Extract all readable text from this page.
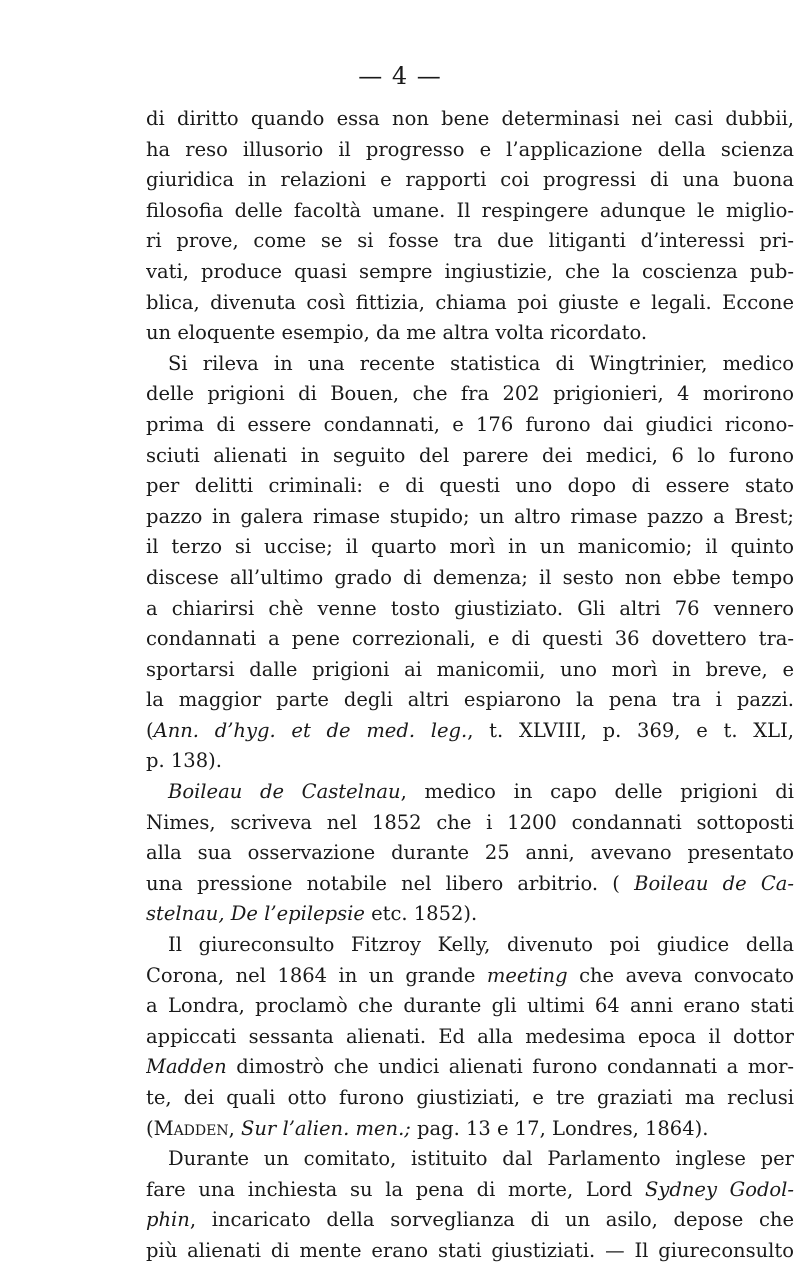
— 4 —
di diritto quando essa non bene determinasi nei casi dubbii,
ha reso illusorio il progresso e l’applicazione della scienza
giuridica in relazioni e rapporti coi progressi di una buona
filosofia delle facoltà umane. Il respingere adunque le miglio-
ri prove, come se si fosse tra due litiganti d’interessi pri-
vati, produce quasi sempre ingiustizie, che la coscienza pub-
blica, divenuta così fittizia, chiama poi giuste e legali. Eccone
un eloquente esempio, da me altra volta ricordato.
Si rileva in una recente statistica di Wingtrinier, medico
delle prigioni di Bouen, che fra 202 prigionieri, 4 morirono
prima di essere condannati, e 176 furono dai giudici ricono-
sciuti alienati in seguito del parere dei medici, 6 lo furono
per delitti criminali: e di questi uno dopo di essere stato
pazzo in galera rimase stupido; un altro rimase pazzo a Brest;
il terzo si uccise; il quarto morì in un manicomio; il quinto
discese all’ultimo grado di demenza; il sesto non ebbe tempo
a chiarirsi chè venne tosto giustiziato. Gli altri 76 vennero
condannati a pene correzionali, e di questi 36 dovettero tra-
sportarsi dalle prigioni ai manicomii, uno morì in breve, e
la maggior parte degli altri espiarono la pena tra i pazzi.
(Ann. d’hyg. et de med. leg., t. XLVIII, p. 369, e t. XLI,
p. 138).
Boileau de Castelnau, medico in capo delle prigioni di
Nimes, scriveva nel 1852 che i 1200 condannati sottoposti
alla sua osservazione durante 25 anni, avevano presentato
una pressione notabile nel libero arbitrio. ( Boileau de Ca-
stelnau, De l’epilepsie etc. 1852).
Il giureconsulto Fitzroy Kelly, divenuto poi giudice della
Corona, nel 1864 in un grande meeting che aveva convocato
a Londra, proclamò che durante gli ultimi 64 anni erano stati
appiccati sessanta alienati. Ed alla medesima epoca il dottor
Madden dimostrò che undici alienati furono condannati a mor-
te, dei quali otto furono giustiziati, e tre graziati ma reclusi
(Madden, Sur l’alien. men.; pag. 13 e 17, Londres, 1864).
Durante un comitato, istituito dal Parlamento inglese per
fare una inchiesta su la pena di morte, Lord Sydney Godol-
phin, incaricato della sorveglianza di un asilo, depose che
più alienati di mente erano stati giustiziati. — Il giureconsulto
